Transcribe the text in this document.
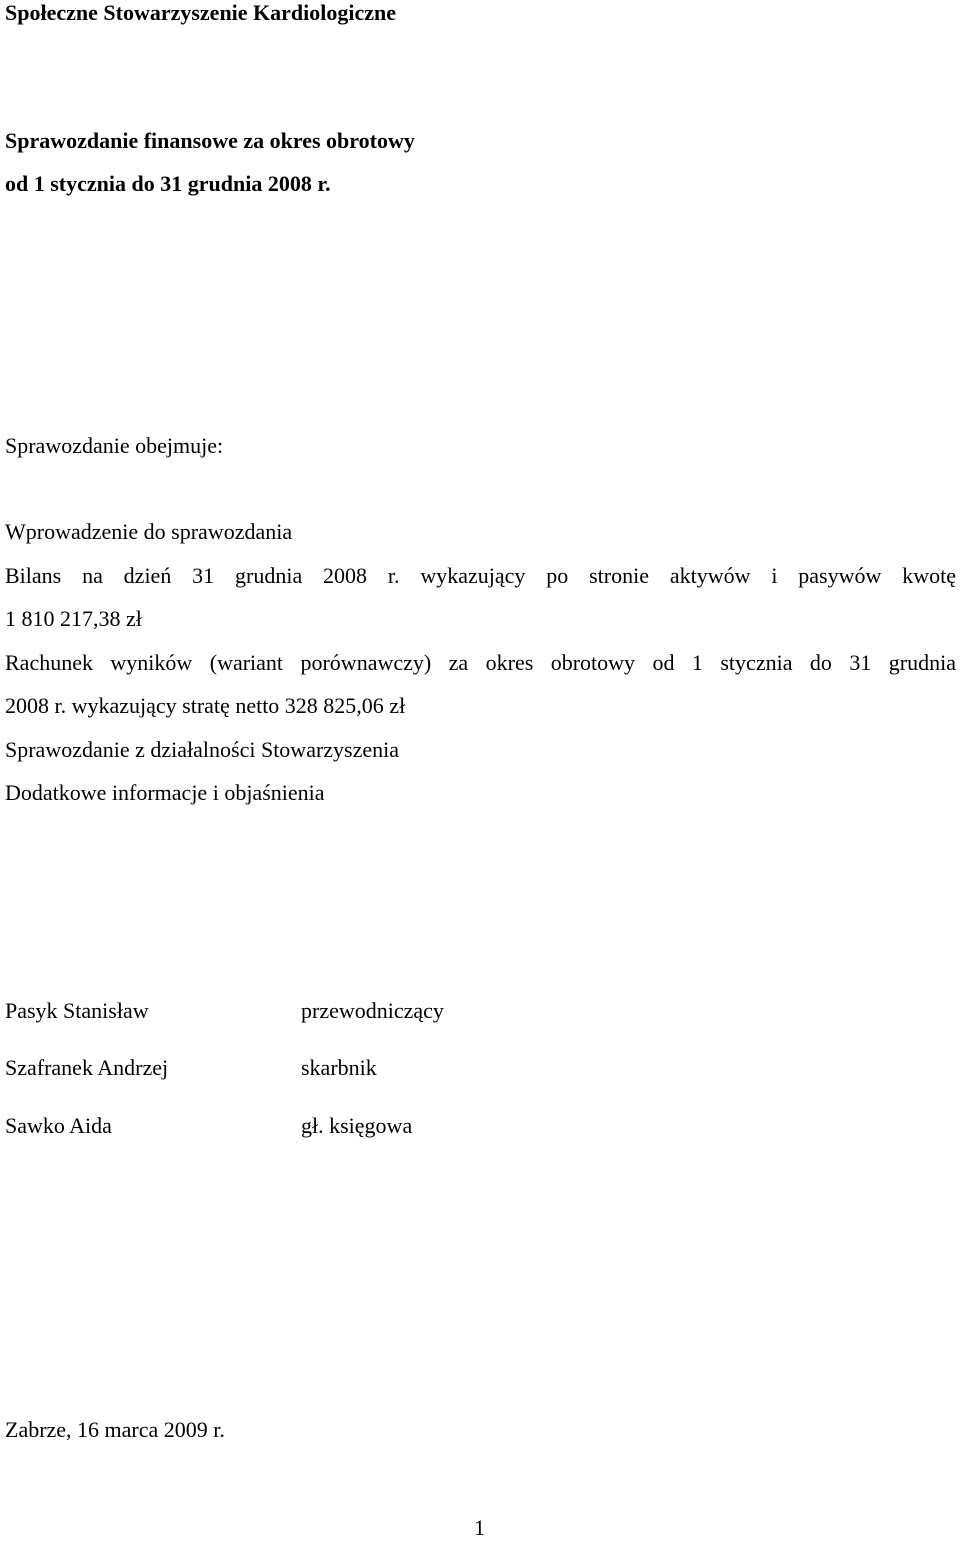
Społeczne Stowarzyszenie Kardiologiczne
Sprawozdanie finansowe za okres obrotowy
od 1 stycznia do 31 grudnia 2008 r.
Sprawozdanie obejmuje:
Wprowadzenie do sprawozdania
Bilans na dzień 31 grudnia 2008 r. wykazujący po stronie aktywów i pasywów kwotę
1 810 217,38 zł
Rachunek wyników (wariant porównawczy) za okres obrotowy od 1 stycznia do 31 grudnia
2008 r. wykazujący stratę netto 328 825,06 zł
Sprawozdanie z działalności Stowarzyszenia
Dodatkowe informacje i objaśnienia
Pasyk Stanisław	przewodniczący
Szafranek Andrzej	skarbnik
Sawko Aida	gł. księgowa
Zabrze, 16 marca 2009 r.
1
